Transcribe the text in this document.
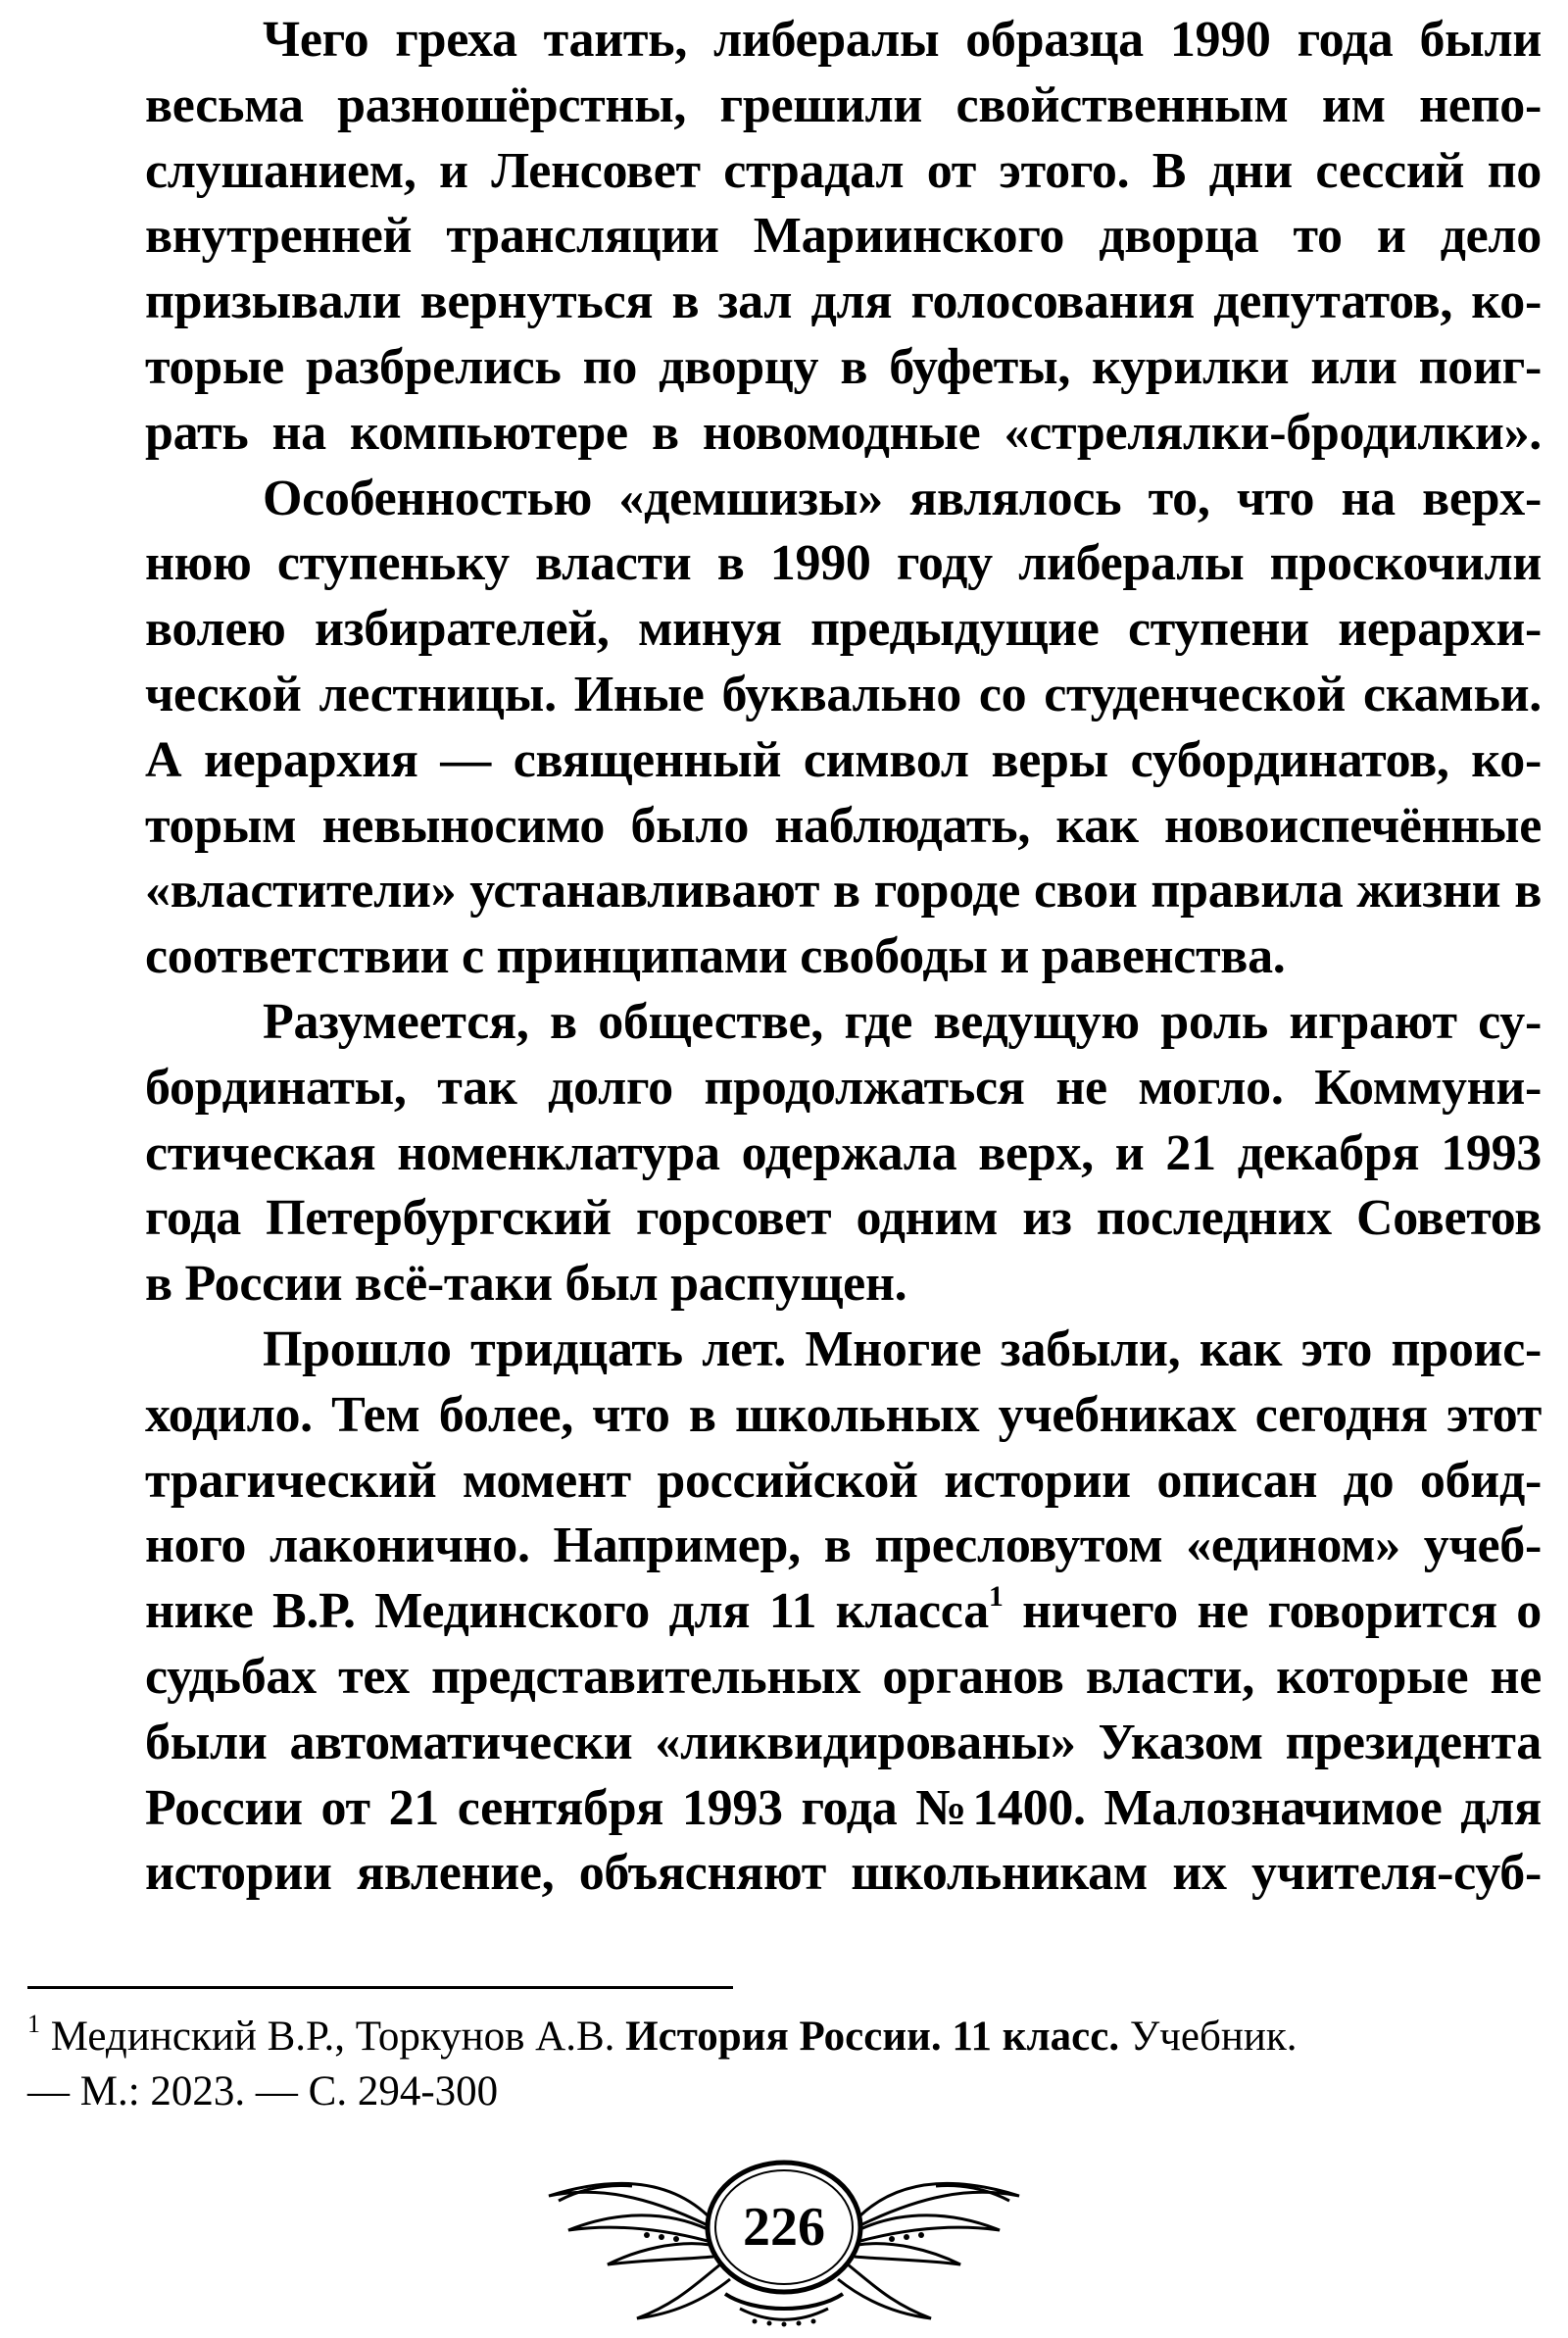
Чего греха таить, либералы образца 1990 года были
весьма разношёрстны, грешили свойственным им непо-
слушанием, и Ленсовет страдал от этого. В дни сессий по
внутренней трансляции Мариинского дворца то и дело
призывали вернуться в зал для голосования депутатов, ко-
торые разбрелись по дворцу в буфеты, курилки или поиг-
рать на компьютере в новомодные «стрелялки-бродилки».
Особенностью «демшизы» являлось то, что на верх-
нюю ступеньку власти в 1990 году либералы проскочили
волею избирателей, минуя предыдущие ступени иерархи-
ческой лестницы. Иные буквально со студенческой скамьи.
А иерархия — священный символ веры субординатов, ко-
торым невыносимо было наблюдать, как новоиспечённые
«властители» устанавливают в городе свои правила жизни в
соответствии с принципами свободы и равенства.
Разумеется, в обществе, где ведущую роль играют су-
бординаты, так долго продолжаться не могло. Коммуни-
стическая номенклатура одержала верх, и 21 декабря 1993
года Петербургский горсовет одним из последних Советов
в России всё-таки был распущен.
Прошло тридцать лет. Многие забыли, как это проис-
ходило. Тем более, что в школьных учебниках сегодня этот
трагический момент российской истории описан до обид-
ного лаконично. Например, в пресловутом «едином» учеб-
нике В.Р. Мединского для 11 класса$^1$ ничего не говорится о
судьбах тех представительных органов власти, которые не
были автоматически «ликвидированы» Указом президента
России от 21 сентября 1993 года №1400. Малозначимое для
истории явление, объясняют школьникам их учителя-суб-
$^1$ Мединский В.Р., Торкунов А.В. История России. 11 класс. Учебник.
— М.: 2023. — С. 294-300
226
